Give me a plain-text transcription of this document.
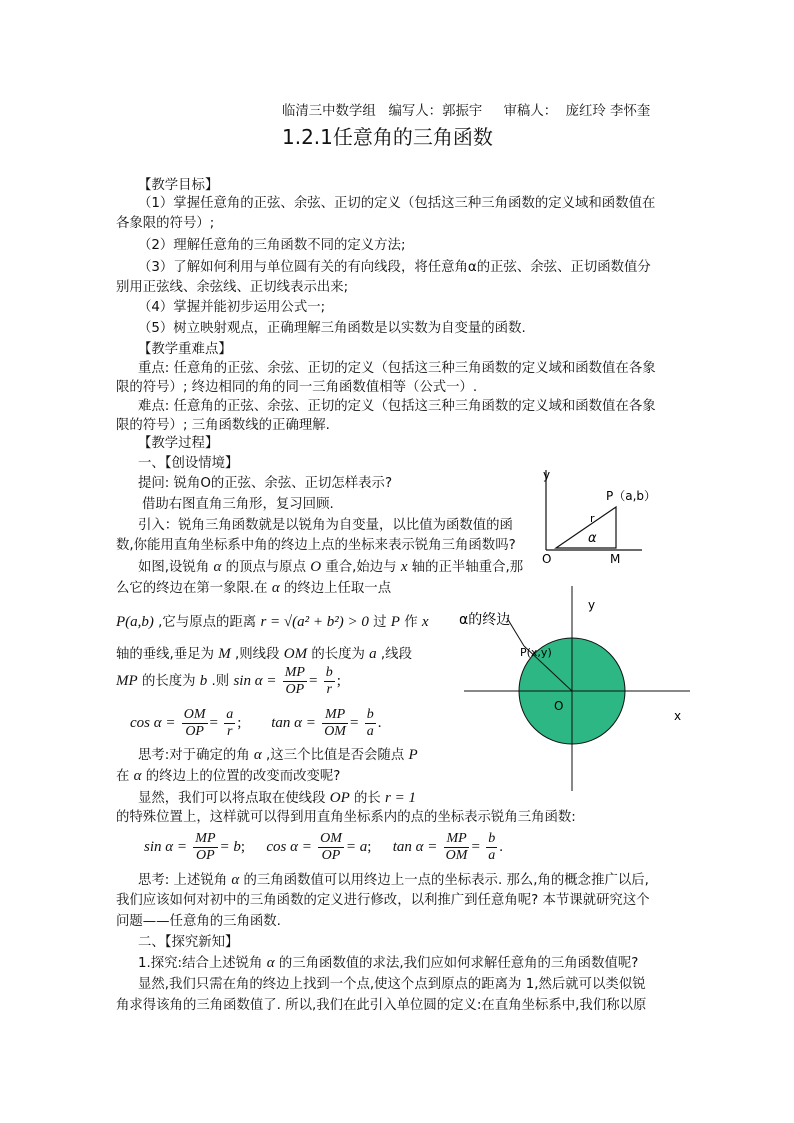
临清三中数学组 编写人：郭振宇 审稿人： 庞红玲 李怀奎
1.2.1任意角的三角函数
【教学目标】
（1）掌握任意角的正弦、余弦、正切的定义（包括这三种三角函数的定义域和函数值在
各象限的符号）;
（2）理解任意角的三角函数不同的定义方法;
（3）了解如何利用与单位圆有关的有向线段，将任意角α的正弦、余弦、正切函数值分
别用正弦线、余弦线、正切线表示出来;
（4）掌握并能初步运用公式一;
（5）树立映射观点，正确理解三角函数是以实数为自变量的函数.
【教学重难点】
重点: 任意角的正弦、余弦、正切的定义（包括这三种三角函数的定义域和函数值在各象
限的符号）; 终边相同的角的同一三角函数值相等（公式一）.
难点: 任意角的正弦、余弦、正切的定义（包括这三种三角函数的定义域和函数值在各象
限的符号）; 三角函数线的正确理解.
【教学过程】
一、【创设情境】
提问: 锐角O的正弦、余弦、正切怎样表示?
借助右图直角三角形，复习回顾.
引入：锐角三角函数就是以锐角为自变量，以比值为函数值的函
数,你能用直角坐标系中角的终边上点的坐标来表示锐角三角函数吗?
如图,设锐角 α 的顶点与原点 O 重合,始边与 x 轴的正半轴重合,那
么它的终边在第一象限.在 α 的终边上任取一点
P(a,b) ,它与原点的距离 r = √(a² + b²) > 0 过 P 作 x
轴的垂线,垂足为 M ,则线段 OM 的长度为 a ,线段
MP 的长度为 b .则 $\sin \alpha = \frac{MP}{OP} = \frac{b}{r}$ ;
$\cos \alpha = \frac{OM}{OP} = \frac{a}{r}$ ; $\tan \alpha = \frac{MP}{OM} = \frac{b}{a}$ .
思考:对于确定的角 α ,这三个比值是否会随点 P
在 α 的终边上的位置的改变而改变呢?
显然，我们可以将点取在使线段 OP 的长 r = 1
的特殊位置上，这样就可以得到用直角坐标系内的点的坐标表示锐角三角函数:
$\sin \alpha = \frac{MP}{OP} = b$; $\cos \alpha = \frac{OM}{OP} = a$; $\tan \alpha = \frac{MP}{OM} = \frac{b}{a}$ .
思考: 上述锐角 α 的三角函数值可以用终边上一点的坐标表示. 那么,角的概念推广以后,
我们应该如何对初中的三角函数的定义进行修改，以利推广到任意角呢? 本节课就研究这个
问题——任意角的三角函数.
二、【探究新知】
1.探究:结合上述锐角 α 的三角函数值的求法,我们应如何求解任意角的三角函数值呢?
显然,我们只需在角的终边上找到一个点,使这个点到原点的距离为 1,然后就可以类似锐
角求得该角的三角函数值了. 所以,我们在此引入单位圆的定义:在直角坐标系中,我们称以原
y
P（a,b）
r
α
O	M
y
x
O
α的终边
P(x,y)
